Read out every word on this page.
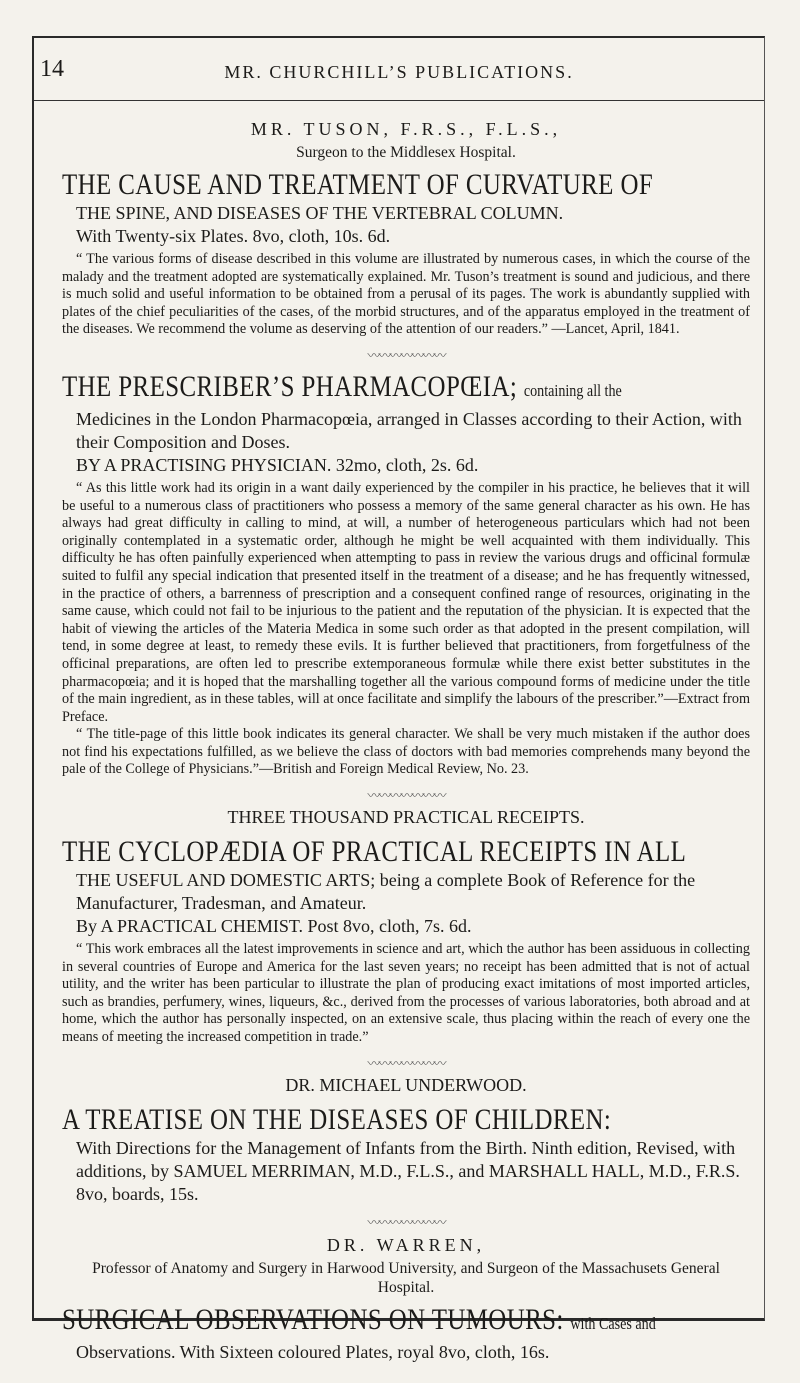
14	MR. CHURCHILL’S PUBLICATIONS.
MR. TUSON, F.R.S., F.L.S.,
Surgeon to the Middlesex Hospital.
THE CAUSE AND TREATMENT OF CURVATURE OF
THE SPINE, AND DISEASES OF THE VERTEBRAL COLUMN.
With Twenty-six Plates. 8vo, cloth, 10s. 6d.

“ The various forms of disease described in this volume are illustrated by numerous cases, in which the course of the malady and the treatment adopted are systematically explained. Mr. Tuson’s treatment is sound and judicious, and there is much solid and useful information to be obtained from a perusal of its pages. The work is abundantly supplied with plates of the chief peculiarities of the cases, of the morbid structures, and of the apparatus employed in the treatment of the diseases. We recommend the volume as deserving of the attention of our readers.” —Lancet, April, 1841.

〰〰〰〰〰〰〰
THE PRESCRIBER’S PHARMACOPŒIA; containing all the
Medicines in the London Pharmacopœia, arranged in Classes according to their Action, with their Composition and Doses.
BY A PRACTISING PHYSICIAN. 32mo, cloth, 2s. 6d.

“ As this little work had its origin in a want daily experienced by the compiler in his practice, he believes that it will be useful to a numerous class of practitioners who possess a memory of the same general character as his own. He has always had great difficulty in calling to mind, at will, a number of heterogeneous particulars which had not been originally contemplated in a systematic order, although he might be well acquainted with them individually. This difficulty he has often painfully experienced when attempting to pass in review the various drugs and officinal formulæ suited to fulfil any special indication that presented itself in the treatment of a disease; and he has frequently witnessed, in the practice of others, a barrenness of prescription and a consequent confined range of resources, originating in the same cause, which could not fail to be injurious to the patient and the reputation of the physician. It is expected that the habit of viewing the articles of the Materia Medica in some such order as that adopted in the present compilation, will tend, in some degree at least, to remedy these evils. It is further believed that practitioners, from forgetfulness of the officinal preparations, are often led to prescribe extemporaneous formulæ while there exist better substitutes in the pharmacopœia; and it is hoped that the marshalling together all the various compound forms of medicine under the title of the main ingredient, as in these tables, will at once facilitate and simplify the labours of the prescriber.”—Extract from Preface.

“ The title-page of this little book indicates its general character. We shall be very much mistaken if the author does not find his expectations fulfilled, as we believe the class of doctors with bad memories comprehends many beyond the pale of the College of Physicians.”—British and Foreign Medical Review, No. 23.

〰〰〰〰〰〰〰
THREE THOUSAND PRACTICAL RECEIPTS.
THE CYCLOPÆDIA OF PRACTICAL RECEIPTS IN ALL
THE USEFUL AND DOMESTIC ARTS; being a complete Book of Reference for the Manufacturer, Tradesman, and Amateur.
By A PRACTICAL CHEMIST. Post 8vo, cloth, 7s. 6d.

“ This work embraces all the latest improvements in science and art, which the author has been assiduous in collecting in several countries of Europe and America for the last seven years; no receipt has been admitted that is not of actual utility, and the writer has been particular to illustrate the plan of producing exact imitations of most imported articles, such as brandies, perfumery, wines, liqueurs, &c., derived from the processes of various laboratories, both abroad and at home, which the author has personally inspected, on an extensive scale, thus placing within the reach of every one the means of meeting the increased competition in trade.”

〰〰〰〰〰〰〰
DR. MICHAEL UNDERWOOD.
A TREATISE ON THE DISEASES OF CHILDREN:
With Directions for the Management of Infants from the Birth. Ninth edition, Revised, with additions, by SAMUEL MERRIMAN, M.D., F.L.S., and MARSHALL HALL, M.D., F.R.S. 8vo, boards, 15s.
〰〰〰〰〰〰〰
DR. WARREN,
Professor of Anatomy and Surgery in Harwood University, and Surgeon of the Massachusets General Hospital.
SURGICAL OBSERVATIONS ON TUMOURS: with Cases and
Observations. With Sixteen coloured Plates, royal 8vo, cloth, 16s.
